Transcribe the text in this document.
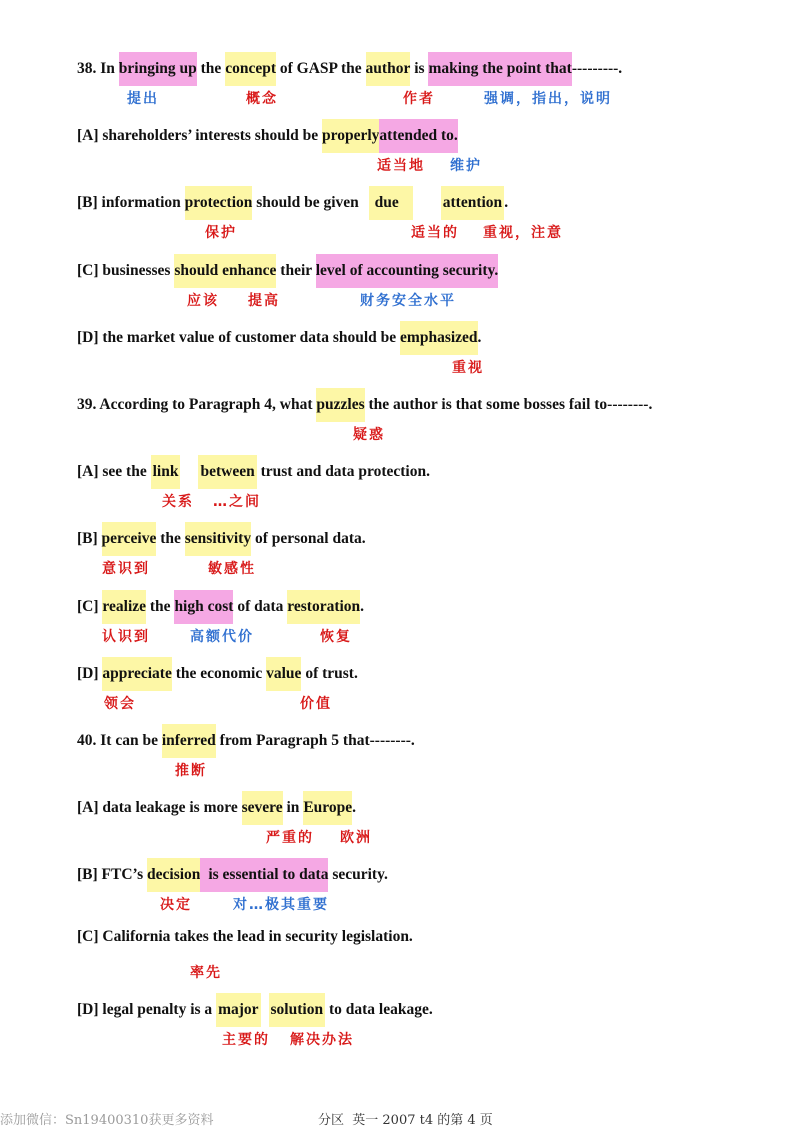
38. In bringing up the concept of GASP the author is making the point that---------.
提出	概念	作者	强调，指出，说明
[A] shareholders’ interests should be properlyattended to.
适当地 维护
[B] information protection should be given due	attention .
保护	适当的 重视，注意
[C] businesses should enhance their level of accounting security.
应该 提高	财务安全水平
[D] the market value of customer data should be emphasized.
重视
39. According to Paragraph 4, what puzzles the author is that some bosses fail to--------.
疑惑
[A] see the link between trust and data protection.
关系 …之间
[B] perceive the sensitivity of personal data.
意识到	敏感性
[C] realize the high cost of data restoration.
认识到	高额代价	恢复
[D] appreciate the economic value of trust.
领会	价值
40. It can be inferred from Paragraph 5 that--------.
推断
[A] data leakage is more severe in Europe.
严重的 欧洲
[B] FTC’s decision is essential to data security.
决定	对…极其重要
[C] California takes the lead in security legislation.
率先
[D] legal penalty is a major solution to data leakage.
主要的 解决办法
添加微信：Sn19400310获更多资料	分区  英一 2007 t4 的第 4 页
